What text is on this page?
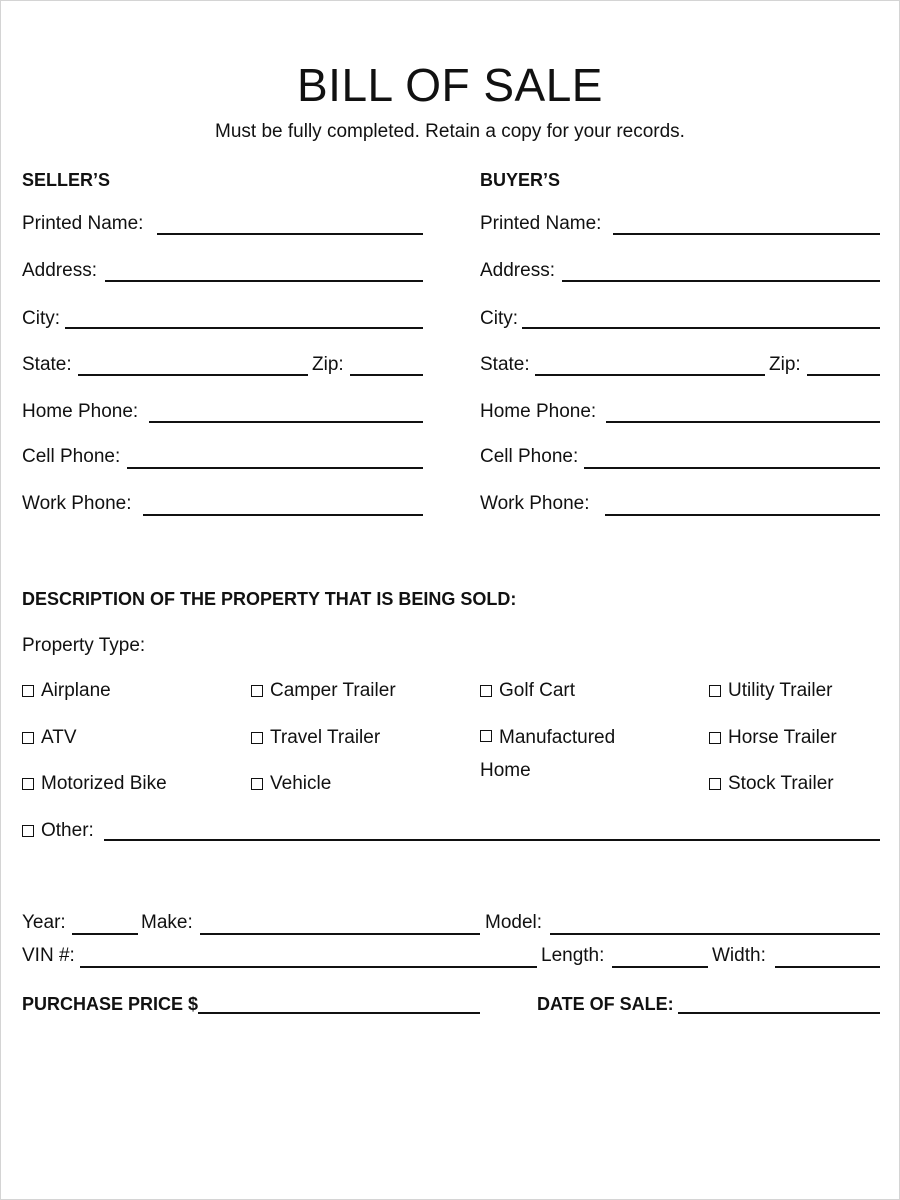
BILL OF SALE
Must be fully completed. Retain a copy for your records.
SELLER’S
Printed Name:
Address:
City:
State:	Zip:
Home Phone:
Cell Phone:
Work Phone:
BUYER’S
Printed Name:
Address:
City:
State:	Zip:
Home Phone:
Cell Phone:
Work Phone:
DESCRIPTION OF THE PROPERTY THAT IS BEING SOLD:
Property Type:
Airplane
ATV
Motorized Bike
Camper Trailer
Travel Trailer
Vehicle
Golf Cart
Manufactured Home
Utility Trailer
Horse Trailer
Stock Trailer
Other:
Year:	Make:	Model:
VIN #:	Length:	Width:
PURCHASE PRICE $	DATE OF SALE:
